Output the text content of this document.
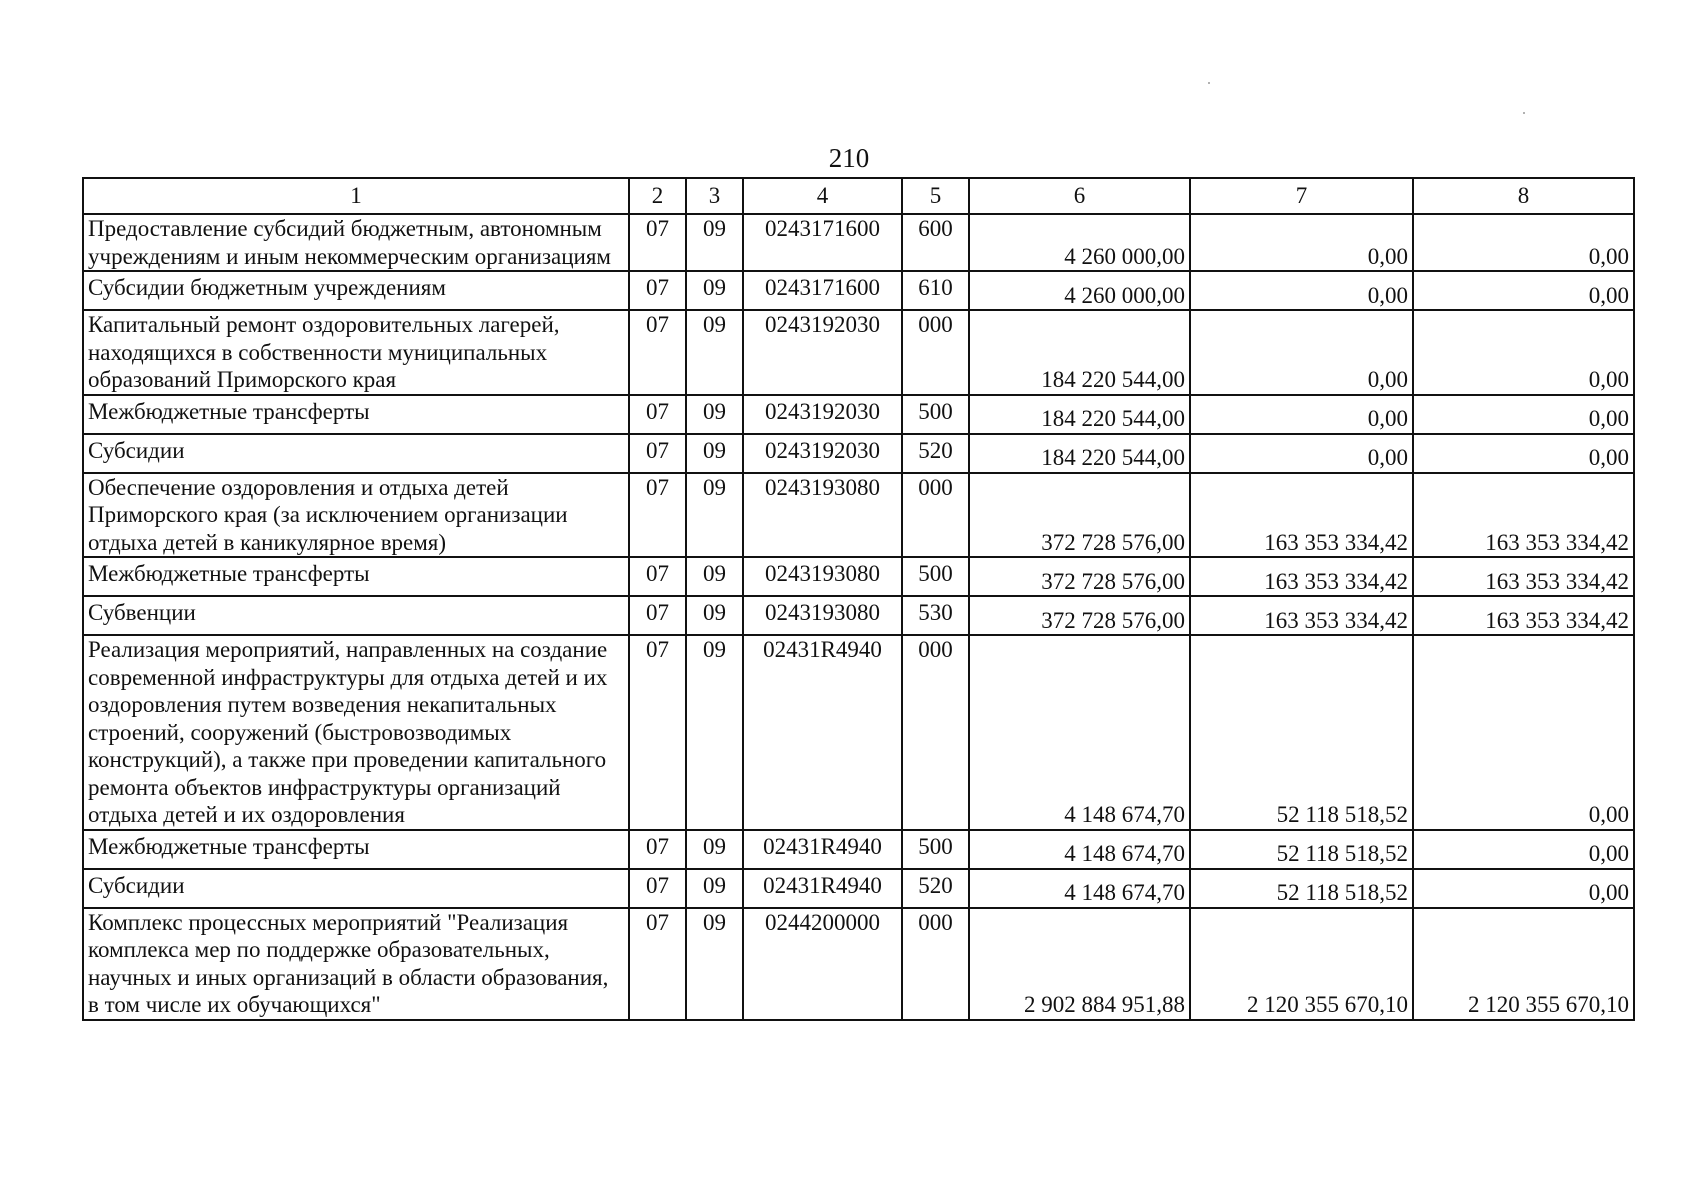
210
1	2	3	4	5	6	7	8
Предоставление субсидий бюджетным, автономным учреждениям и иным некоммерческим организациям	07	09	0243171600	600	4 260 000,00	0,00	0,00
Субсидии бюджетным учреждениям	07	09	0243171600	610	4 260 000,00	0,00	0,00
Капитальный ремонт оздоровительных лагерей, находящихся в собственности муниципальных образований Приморского края	07	09	0243192030	000	184 220 544,00	0,00	0,00
Межбюджетные трансферты	07	09	0243192030	500	184 220 544,00	0,00	0,00
Субсидии	07	09	0243192030	520	184 220 544,00	0,00	0,00
Обеспечение оздоровления и отдыха детей Приморского края (за исключением организации отдыха детей в каникулярное время)	07	09	0243193080	000	372 728 576,00	163 353 334,42	163 353 334,42
Межбюджетные трансферты	07	09	0243193080	500	372 728 576,00	163 353 334,42	163 353 334,42
Субвенции	07	09	0243193080	530	372 728 576,00	163 353 334,42	163 353 334,42
Реализация мероприятий, направленных на создание современной инфраструктуры для отдыха детей и их оздоровления путем возведения некапитальных строений, сооружений (быстровозводимых конструкций), а также при проведении капитального ремонта объектов инфраструктуры организаций отдыха детей и их оздоровления	07	09	02431R4940	000	4 148 674,70	52 118 518,52	0,00
Межбюджетные трансферты	07	09	02431R4940	500	4 148 674,70	52 118 518,52	0,00
Субсидии	07	09	02431R4940	520	4 148 674,70	52 118 518,52	0,00
Комплекс процессных мероприятий "Реализация комплекса мер по поддержке образовательных, научных и иных организаций в области образования, в том числе их обучающихся"	07	09	0244200000	000	2 902 884 951,88	2 120 355 670,10	2 120 355 670,10
